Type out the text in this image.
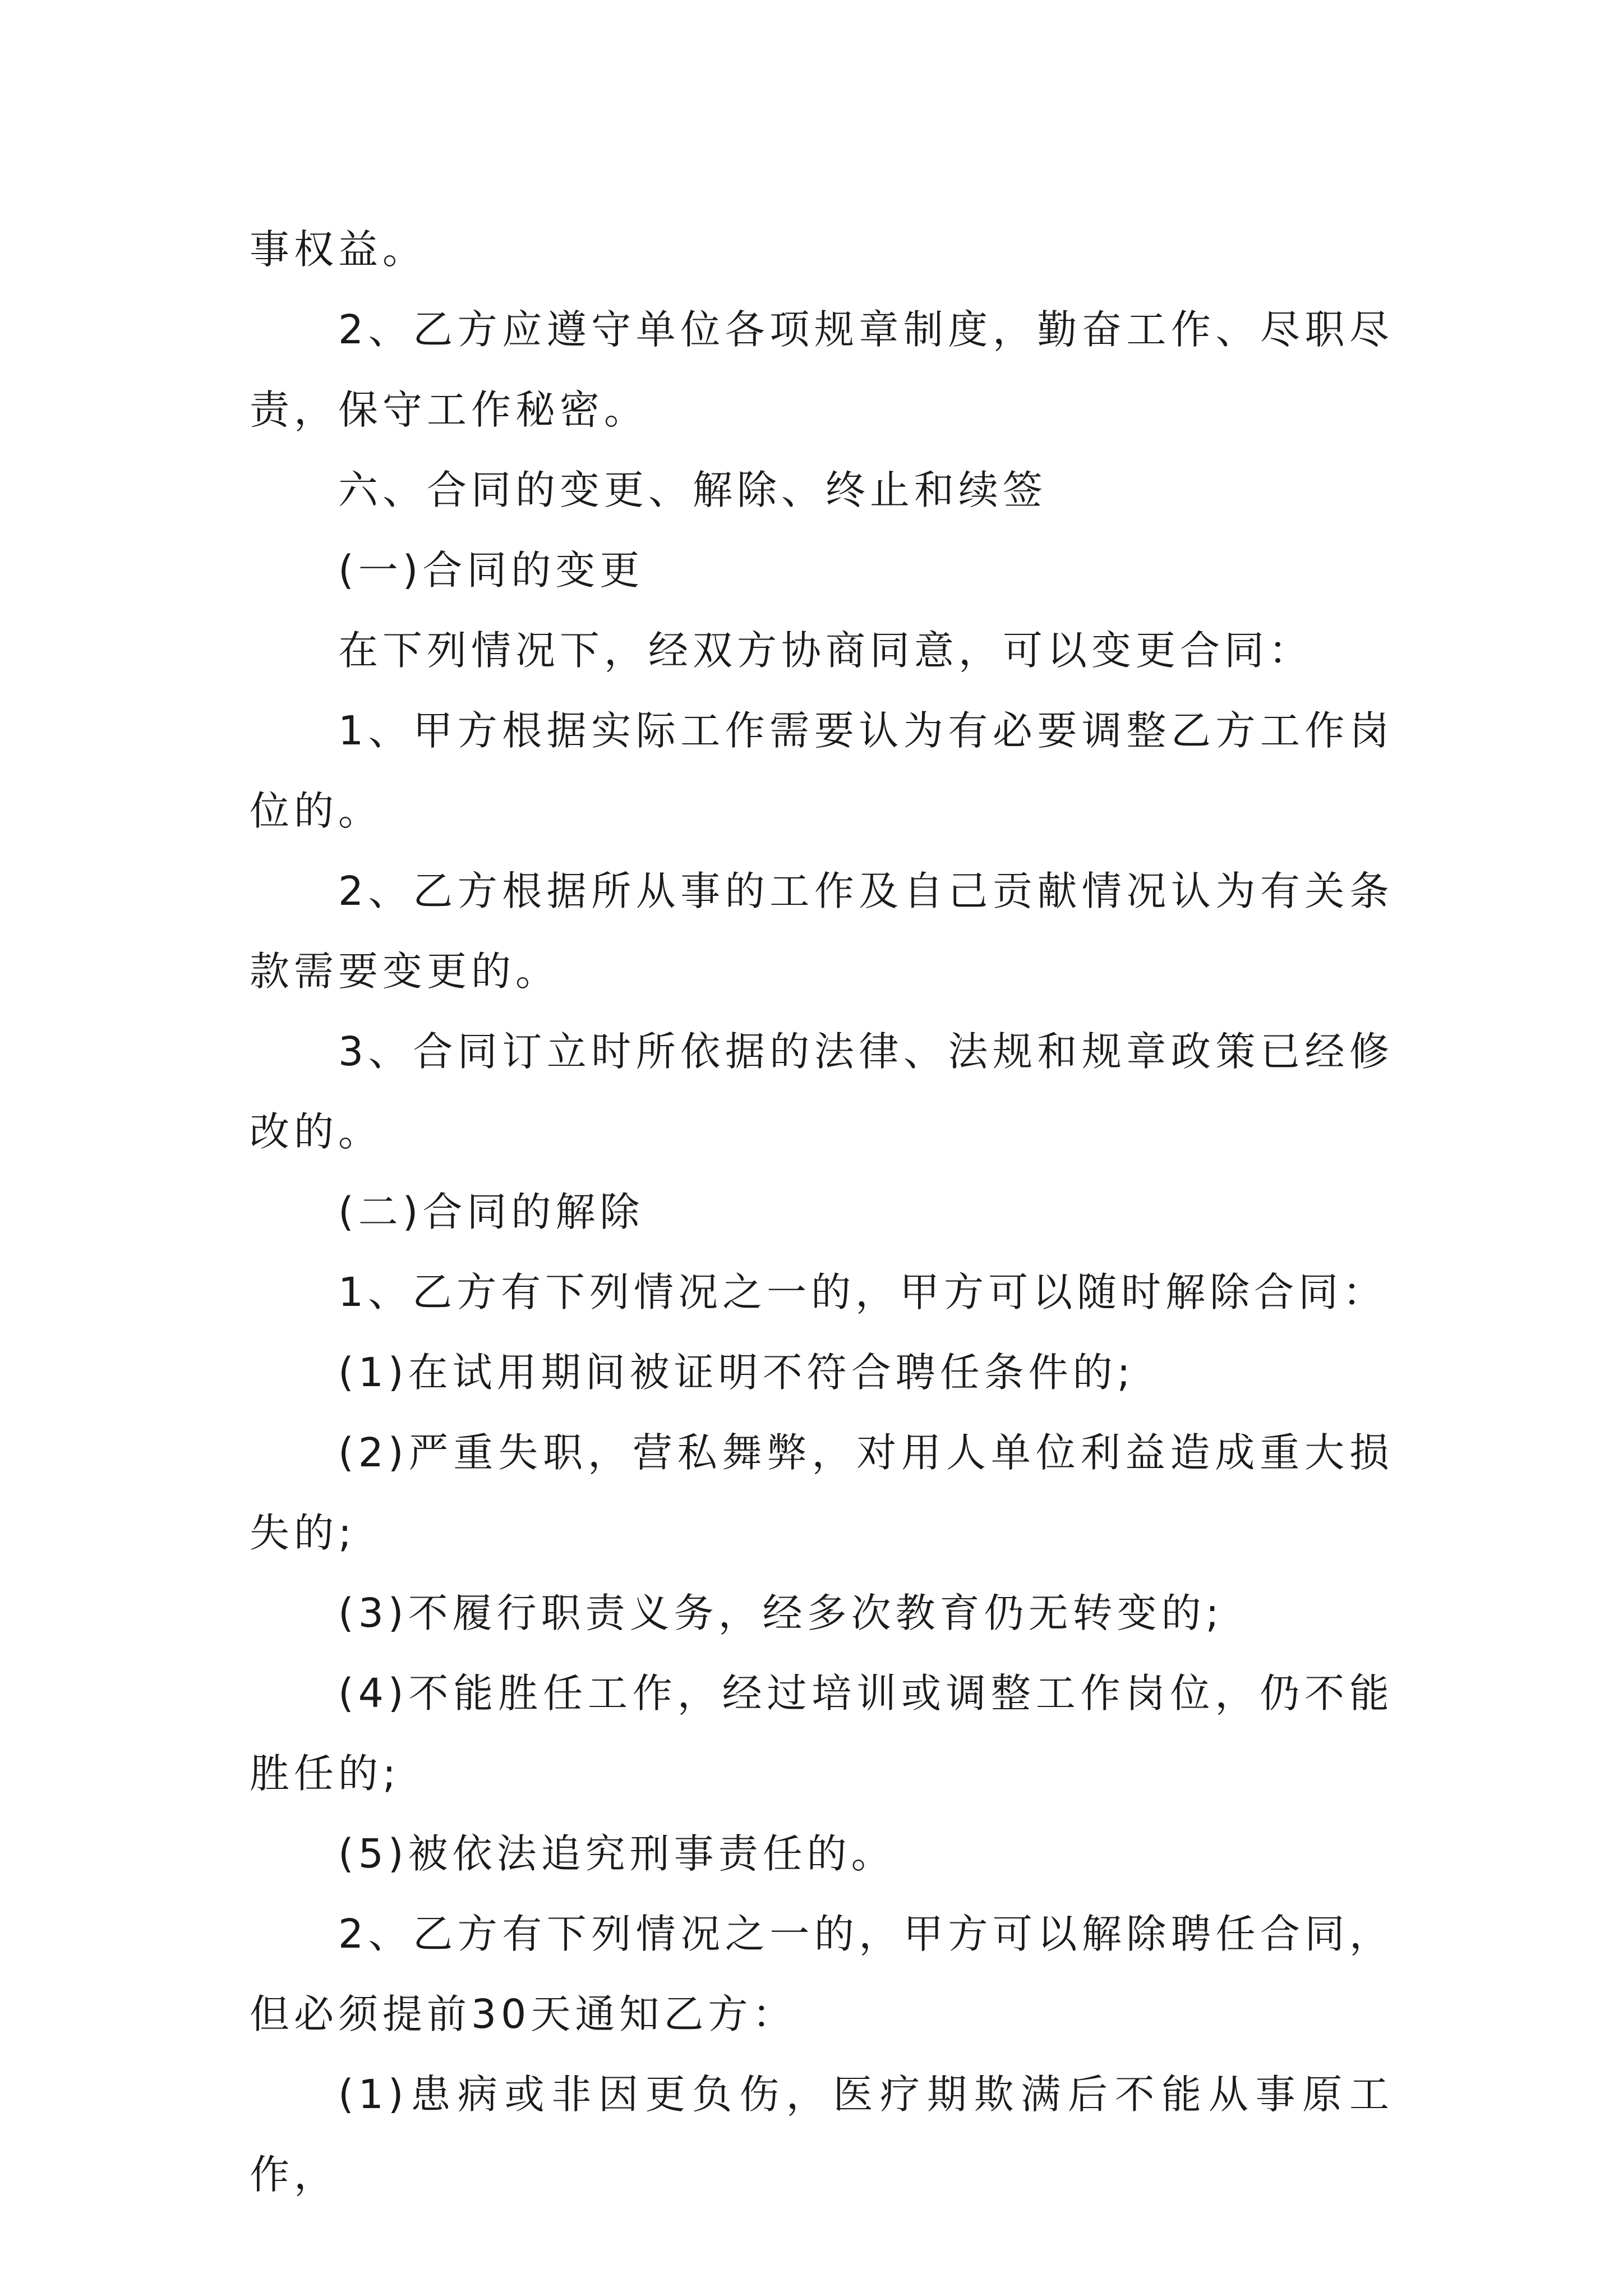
事权益。

2、乙方应遵守单位各项规章制度，勤奋工作、尽职尽责，保守工作秘密。

六、合同的变更、解除、终止和续签

(一)合同的变更

在下列情况下，经双方协商同意，可以变更合同：

1、甲方根据实际工作需要认为有必要调整乙方工作岗位的。

2、乙方根据所从事的工作及自己贡献情况认为有关条款需要变更的。

3、合同订立时所依据的法律、法规和规章政策已经修改的。

(二)合同的解除

1、乙方有下列情况之一的，甲方可以随时解除合同：

(1)在试用期间被证明不符合聘任条件的;

(2)严重失职，营私舞弊，对用人单位利益造成重大损失的;

(3)不履行职责义务，经多次教育仍无转变的;

(4)不能胜任工作，经过培训或调整工作岗位，仍不能胜任的;

(5)被依法追究刑事责任的。

2、乙方有下列情况之一的，甲方可以解除聘任合同，但必须提前30天通知乙方：

(1)患病或非因更负伤，医疗期欺满后不能从事原工作，
